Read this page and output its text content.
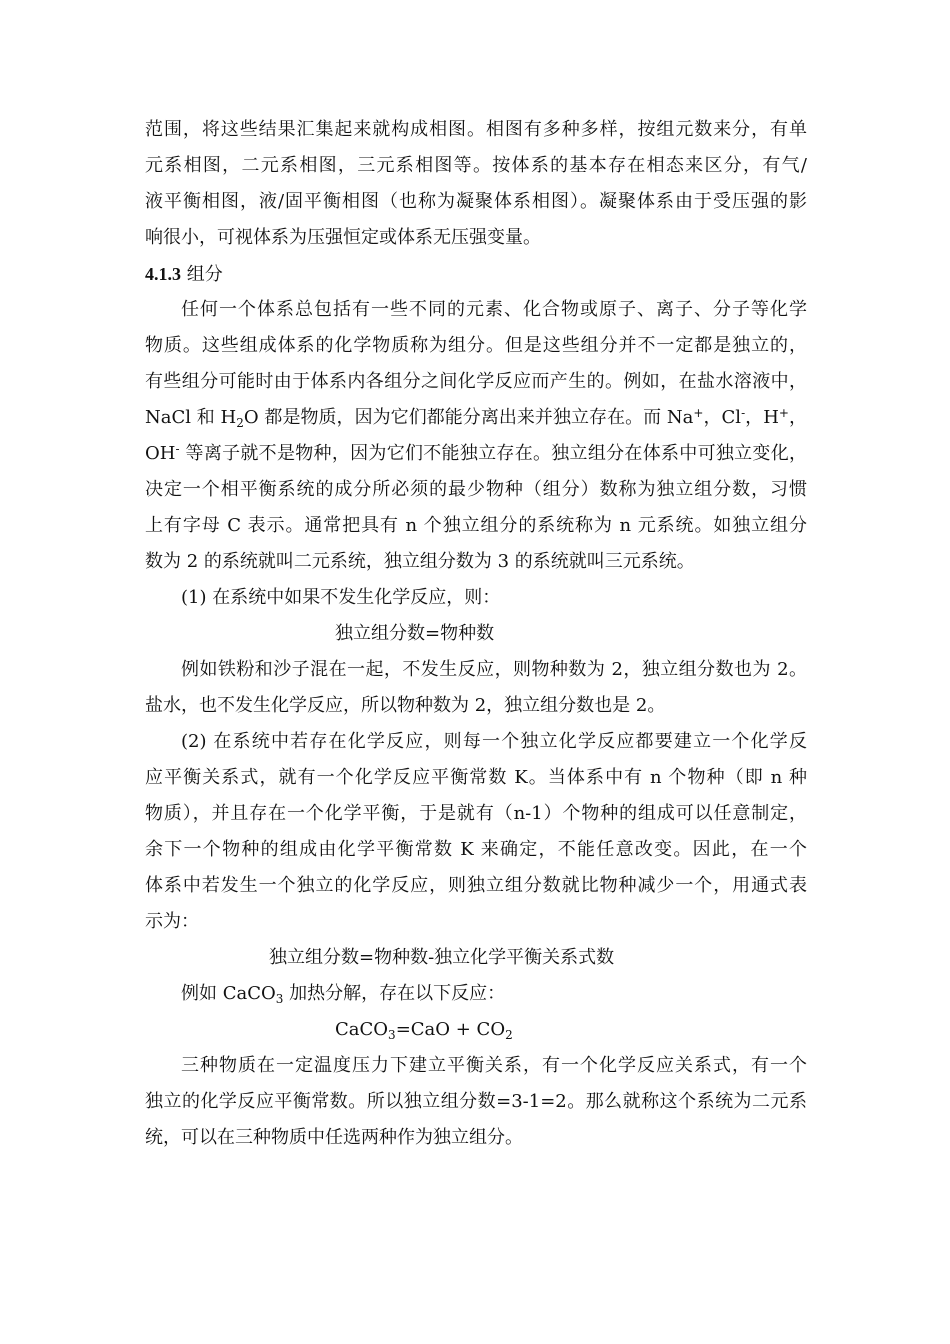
范围，将这些结果汇集起来就构成相图。相图有多种多样，按组元数来分，有单
元系相图，二元系相图，三元系相图等。按体系的基本存在相态来区分，有气/
液平衡相图，液/固平衡相图（也称为凝聚体系相图）。凝聚体系由于受压强的影
响很小，可视体系为压强恒定或体系无压强变量。
4.1.3 组分
任何一个体系总包括有一些不同的元素、化合物或原子、离子、分子等化学
物质。这些组成体系的化学物质称为组分。但是这些组分并不一定都是独立的，
有些组分可能时由于体系内各组分之间化学反应而产生的。例如，在盐水溶液中，
NaCl 和 $H_2O$ 都是物质，因为它们都能分离出来并独立存在。而 Na+，Cl-，H+，
OH- 等离子就不是物种，因为它们不能独立存在。独立组分在体系中可独立变化，
决定一个相平衡系统的成分所必须的最少物种（组分）数称为独立组分数，习惯
上有字母 C 表示。通常把具有 n 个独立组分的系统称为 n 元系统。如独立组分
数为 2 的系统就叫二元系统，独立组分数为 3 的系统就叫三元系统。
(1) 在系统中如果不发生化学反应，则：
独立组分数=物种数
例如铁粉和沙子混在一起，不发生反应，则物种数为 2，独立组分数也为 2。
盐水，也不发生化学反应，所以物种数为 2，独立组分数也是 2。
(2) 在系统中若存在化学反应，则每一个独立化学反应都要建立一个化学反
应平衡关系式，就有一个化学反应平衡常数 K。当体系中有 n 个物种（即 n 种
物质），并且存在一个化学平衡，于是就有（n-1）个物种的组成可以任意制定，
余下一个物种的组成由化学平衡常数 K 来确定，不能任意改变。因此，在一个
体系中若发生一个独立的化学反应，则独立组分数就比物种减少一个，用通式表
示为：
独立组分数=物种数-独立化学平衡关系式数
例如 CaCO$_3$ 加热分解，存在以下反应：
CaCO$_3$=CaO + $CO_2$
三种物质在一定温度压力下建立平衡关系，有一个化学反应关系式，有一个
独立的化学反应平衡常数。所以独立组分数=3-1=2。那么就称这个系统为二元系
统，可以在三种物质中任选两种作为独立组分。
